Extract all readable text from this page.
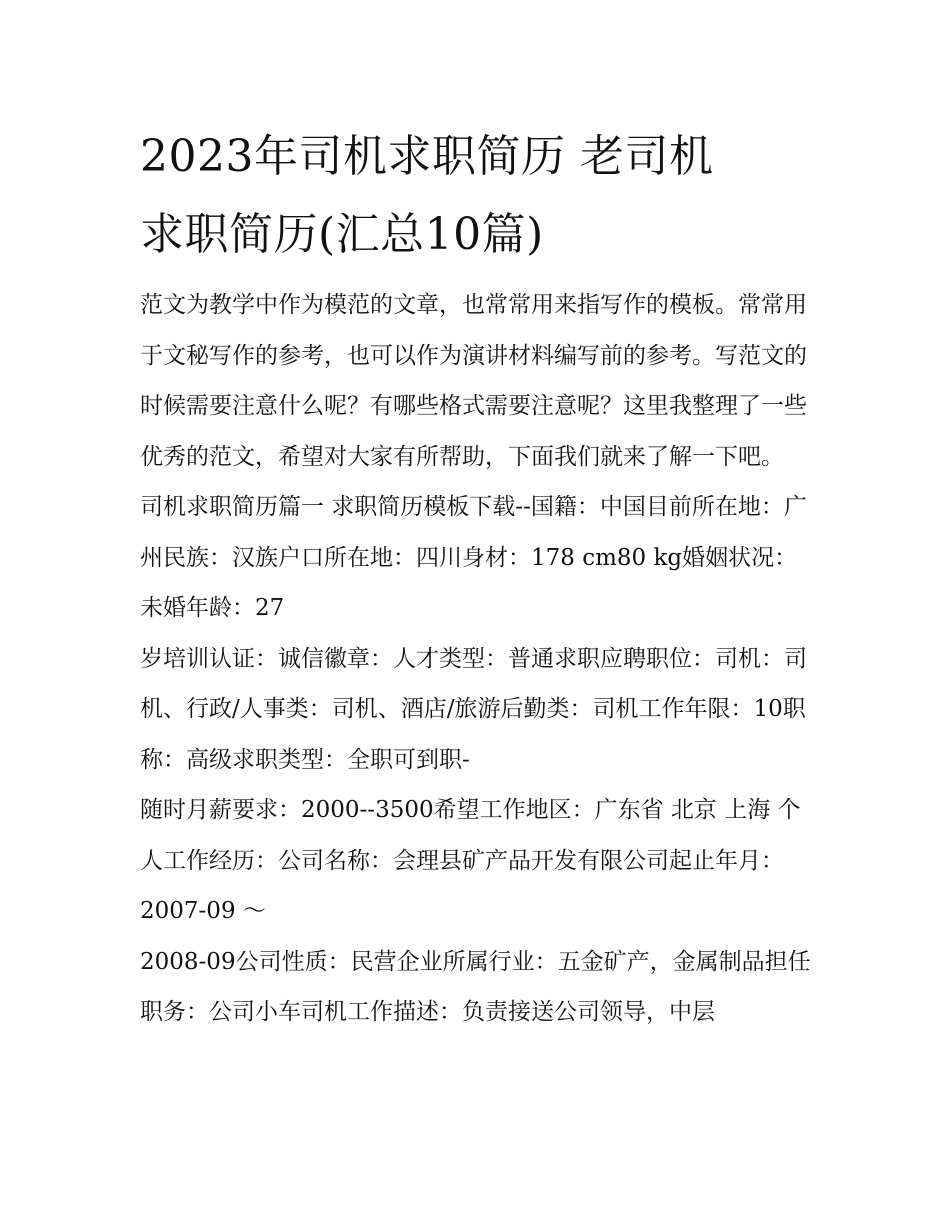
2023年司机求职简历 老司机
求职简历(汇总10篇)

范文为教学中作为模范的文章，也常常用来指写作的模板。常常用于文秘写作的参考，也可以作为演讲材料编写前的参考。写范文的时候需要注意什么呢？有哪些格式需要注意呢？这里我整理了一些优秀的范文，希望对大家有所帮助，下面我们就来了解一下吧。

司机求职简历篇一 求职简历模板下载--国籍：中国目前所在地：广州民族：汉族户口所在地：四川身材：178 cm80 kg婚姻状况：未婚年龄：27

岁培训认证：诚信徽章：人才类型：普通求职应聘职位：司机：司机、行政/人事类：司机、酒店/旅游后勤类：司机工作年限：10职称：高级求职类型：全职可到职-

随时月薪要求：2000--3500希望工作地区：广东省 北京 上海 个人工作经历：公司名称：会理县矿产品开发有限公司起止年月：2007-09 ～

2008-09公司性质：民营企业所属行业：五金矿产，金属制品担任职务：公司小车司机工作描述：负责接送公司领导，中层
